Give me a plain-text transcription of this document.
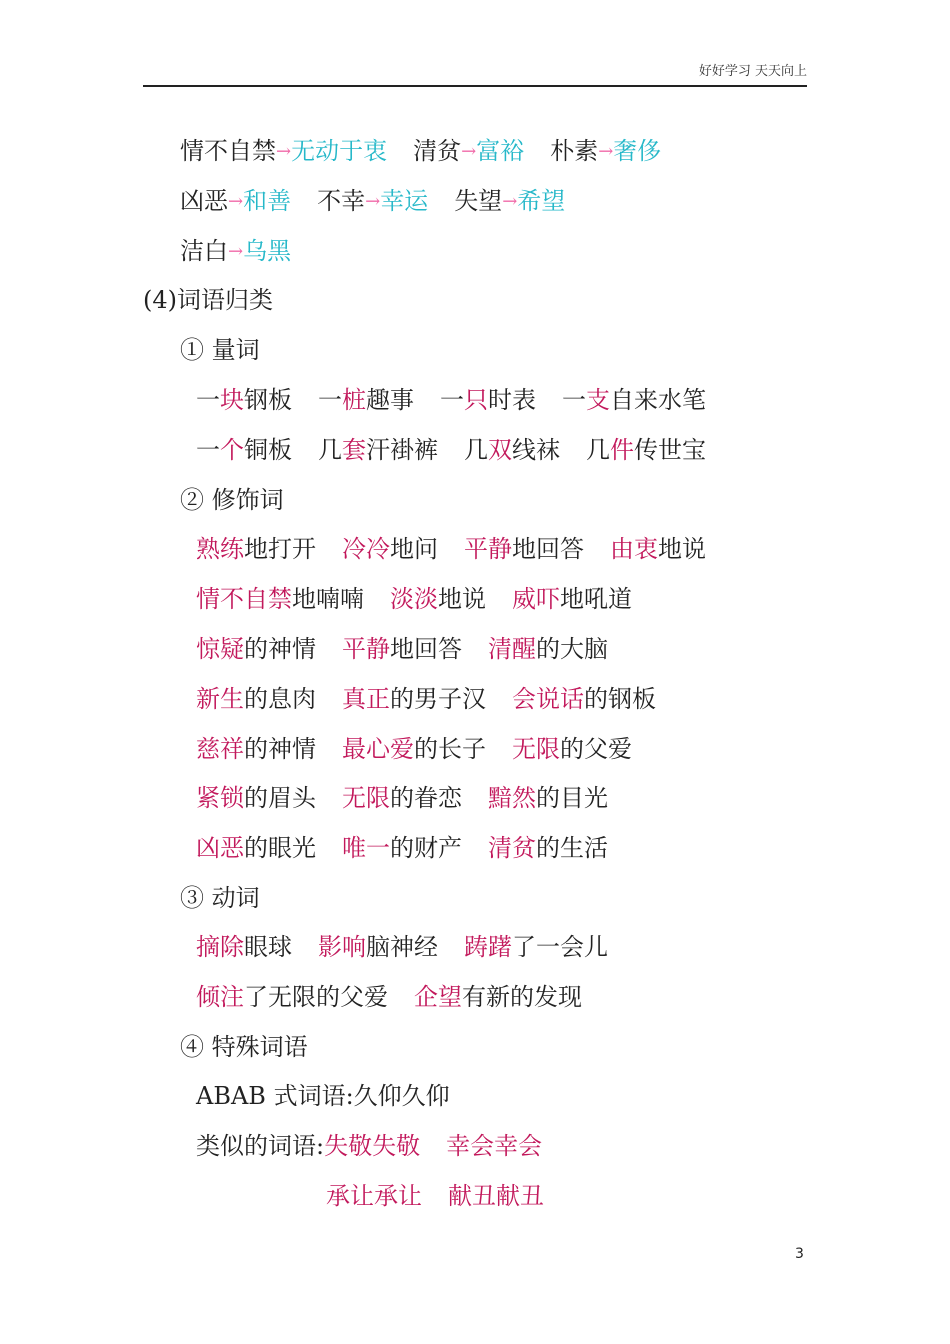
好好学习 天天向上
情不自禁→无动于衷 清贫→富裕 朴素→奢侈
凶恶→和善 不幸→幸运 失望→希望
洁白→乌黑
(4)词语归类
① 量词
一块钢板 一桩趣事 一只时表 一支自来水笔
一个铜板 几套汗褂裤 几双线袜 几件传世宝
② 修饰词
熟练地打开 冷冷地问 平静地回答 由衷地说
情不自禁地喃喃 淡淡地说 威吓地吼道
惊疑的神情 平静地回答 清醒的大脑
新生的息肉 真正的男子汉 会说话的钢板
慈祥的神情 最心爱的长子 无限的父爱
紧锁的眉头 无限的眷恋 黯然的目光
凶恶的眼光 唯一的财产 清贫的生活
③ 动词
摘除眼球 影响脑神经 踌躇了一会儿
倾注了无限的父爱 企望有新的发现
④ 特殊词语
ABAB 式词语:久仰久仰
类似的词语:失敬失敬 幸会幸会
承让承让 献丑献丑
3
